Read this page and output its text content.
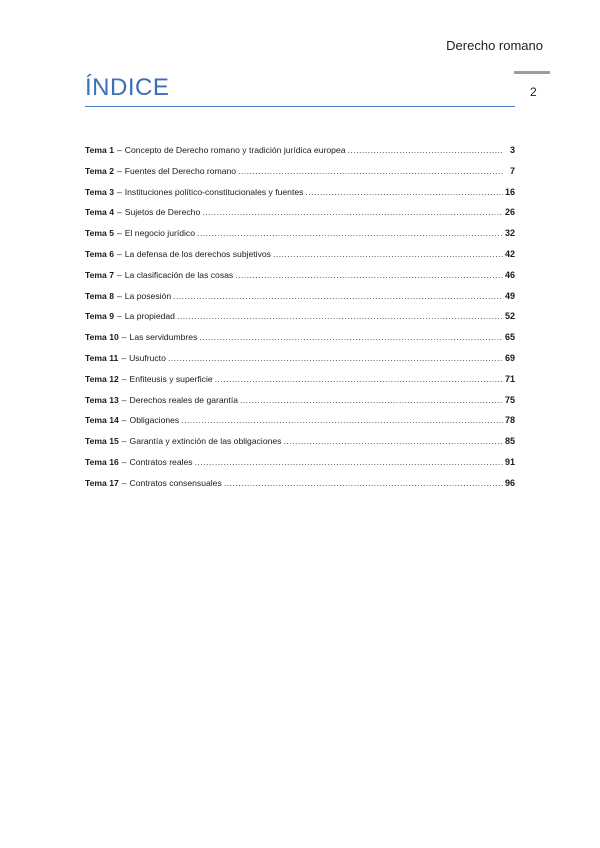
Derecho romano
2
ÍNDICE
Tema 1 – Concepto de Derecho romano y tradición jurídica europea .....	3
Tema 2 – Fuentes del Derecho romano .....	7
Tema 3 – Instituciones político-constitucionales y fuentes .....	16
Tema 4 – Sujetos de Derecho .....	26
Tema 5 – El negocio jurídico .....	32
Tema 6 – La defensa de los derechos subjetivos .....	42
Tema 7 – La clasificación de las cosas .....	46
Tema 8 – La posesión .....	49
Tema 9 – La propiedad .....	52
Tema 10 – Las servidumbres .....	65
Tema 11 – Usufructo .....	69
Tema 12 – Enfiteusis y superficie .....	71
Tema 13 – Derechos reales de garantía .....	75
Tema 14 – Obligaciones .....	78
Tema 15 – Garantía y extinción de las obligaciones .....	85
Tema 16 – Contratos reales .....	91
Tema 17 – Contratos consensuales .....	96
